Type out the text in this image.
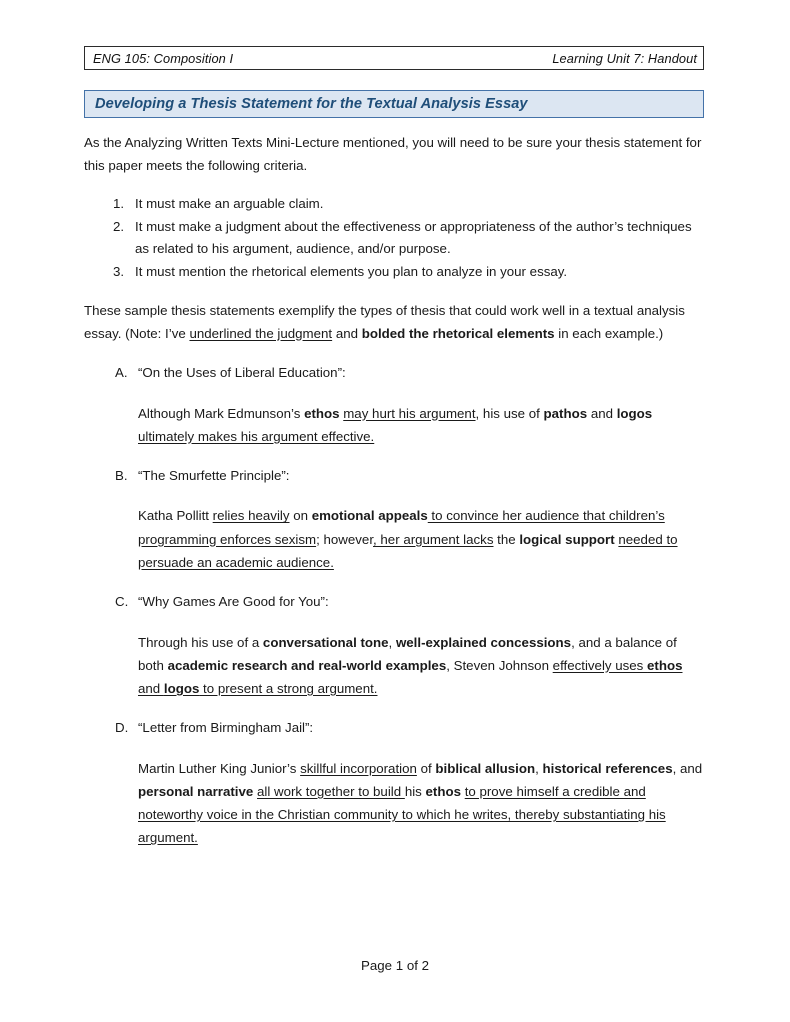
ENG 105: Composition I	Learning Unit 7: Handout
Developing a Thesis Statement for the Textual Analysis Essay

As the Analyzing Written Texts Mini-Lecture mentioned, you will need to be sure your thesis statement for this paper meets the following criteria.

1. It must make an arguable claim.
2. It must make a judgment about the effectiveness or appropriateness of the author’s techniques as related to his argument, audience, and/or purpose.
3. It must mention the rhetorical elements you plan to analyze in your essay.

These sample thesis statements exemplify the types of thesis that could work well in a textual analysis essay. (Note: I’ve underlined the judgment and bolded the rhetorical elements in each example.)

A. “On the Uses of Liberal Education”:
Although Mark Edmunson’s ethos may hurt his argument, his use of pathos and logos ultimately makes his argument effective.
B. “The Smurfette Principle”:
Katha Pollitt relies heavily on emotional appeals to convince her audience that children’s programming enforces sexism; however, her argument lacks the logical support needed to persuade an academic audience.
C. “Why Games Are Good for You”:
Through his use of a conversational tone, well-explained concessions, and a balance of both academic research and real-world examples, Steven Johnson effectively uses ethos and logos to present a strong argument.
D. “Letter from Birmingham Jail”:
Martin Luther King Junior’s skillful incorporation of biblical allusion, historical references, and personal narrative all work together to build his ethos to prove himself a credible and noteworthy voice in the Christian community to which he writes, thereby substantiating his argument.
Page 1 of 2
